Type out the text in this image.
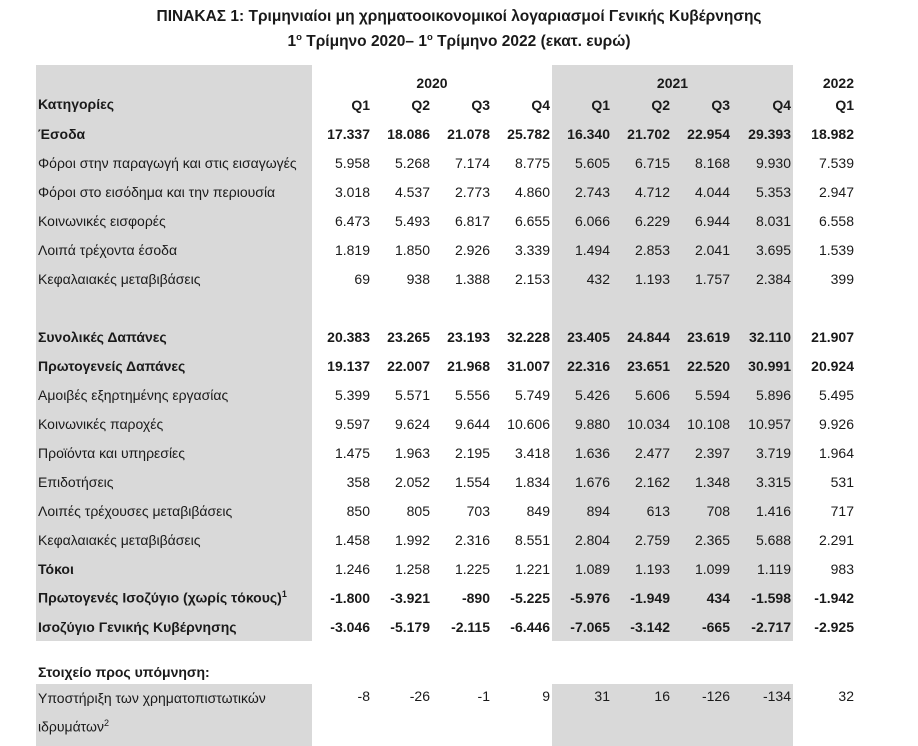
ΠΙΝΑΚΑΣ 1: Τριμηνιαίοι μη χρηματοοικονομικοί λογαριασμοί Γενικής Κυβέρνησης
$1^o$ Τρίμηνο 2020– $1^o$ Τρίμηνο 2022 (εκατ. ευρώ)
Κατηγορίες	2020				2021				2022
	Q1	Q2	Q3	Q4	Q1	Q2	Q3	Q4	Q1
Έσοδα	17.337	18.086	21.078	25.782	16.340	21.702	22.954	29.393	18.982
Φόροι στην παραγωγή και στις εισαγωγές	5.958	5.268	7.174	8.775	5.605	6.715	8.168	9.930	7.539
Φόροι στο εισόδημα και την περιουσία	3.018	4.537	2.773	4.860	2.743	4.712	4.044	5.353	2.947
Κοινωνικές εισφορές	6.473	5.493	6.817	6.655	6.066	6.229	6.944	8.031	6.558
Λοιπά τρέχοντα έσοδα	1.819	1.850	2.926	3.339	1.494	2.853	2.041	3.695	1.539
Κεφαλαιακές μεταβιβάσεις	69	938	1.388	2.153	432	1.193	1.757	2.384	399

Συνολικές Δαπάνες	20.383	23.265	23.193	32.228	23.405	24.844	23.619	32.110	21.907
Πρωτογενείς Δαπάνες	19.137	22.007	21.968	31.007	22.316	23.651	22.520	30.991	20.924
Αμοιβές εξηρτημένης εργασίας	5.399	5.571	5.556	5.749	5.426	5.606	5.594	5.896	5.495
Κοινωνικές παροχές	9.597	9.624	9.644	10.606	9.880	10.034	10.108	10.957	9.926
Προϊόντα και υπηρεσίες	1.475	1.963	2.195	3.418	1.636	2.477	2.397	3.719	1.964
Επιδοτήσεις	358	2.052	1.554	1.834	1.676	2.162	1.348	3.315	531
Λοιπές τρέχουσες μεταβιβάσεις	850	805	703	849	894	613	708	1.416	717
Κεφαλαιακές μεταβιβάσεις	1.458	1.992	2.316	8.551	2.804	2.759	2.365	5.688	2.291
Τόκοι	1.246	1.258	1.225	1.221	1.089	1.193	1.099	1.119	983
Πρωτογενές Ισοζύγιο (χωρίς τόκους)$^1$	-1.800	-3.921	-890	-5.225	-5.976	-1.949	434	-1.598	-1.942
Ισοζύγιο Γενικής Κυβέρνησης	-3.046	-5.179	-2.115	-6.446	-7.065	-3.142	-665	-2.717	-2.925

Στοιχείο προς υπόμνηση:									
Υποστήριξη των χρηματοπιστωτικών
ιδρυμάτων$^2$	-8	-26	-1	9	31	16	-126	-134	32
